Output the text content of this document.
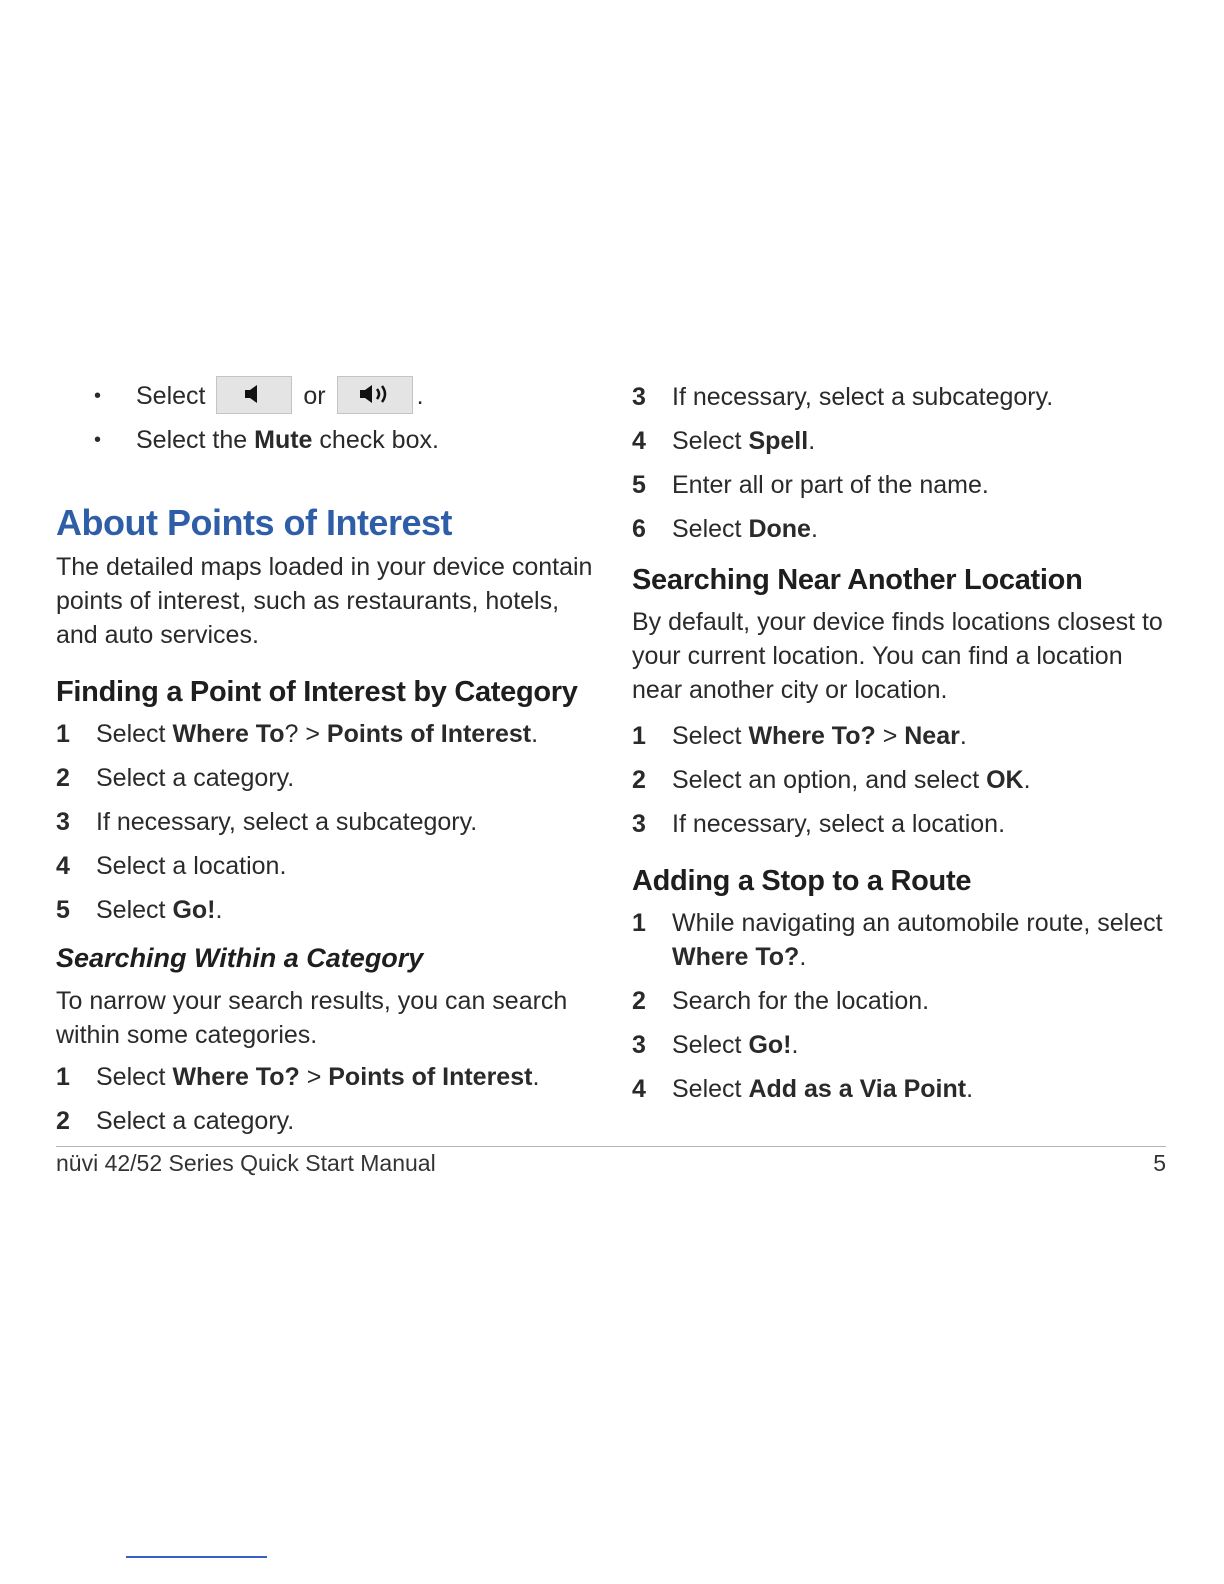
• Select	or	.
• Select the Mute check box.
About Points of Interest

The detailed maps loaded in your device contain points of interest, such as restaurants, hotels, and auto services.

Finding a Point of Interest by Category
1 Select Where To? > Points of Interest.
2 Select a category.
3 If necessary, select a subcategory.
4 Select a location.
5 Select Go!.
Searching Within a Category

To narrow your search results, you can search within some categories.

1 Select Where To? > Points of Interest.
2 Select a category.
3 If necessary, select a subcategory.
4 Select Spell.
5 Enter all or part of the name.
6 Select Done.
Searching Near Another Location

By default, your device finds locations closest to your current location. You can find a location near another city or location.

1 Select Where To? > Near.
2 Select an option, and select OK.
3 If necessary, select a location.
Adding a Stop to a Route
1 While navigating an automobile route, select Where To?.
2 Search for the location.
3 Select Go!.
4 Select Add as a Via Point.
nüvi 42/52 Series Quick Start Manual	5
